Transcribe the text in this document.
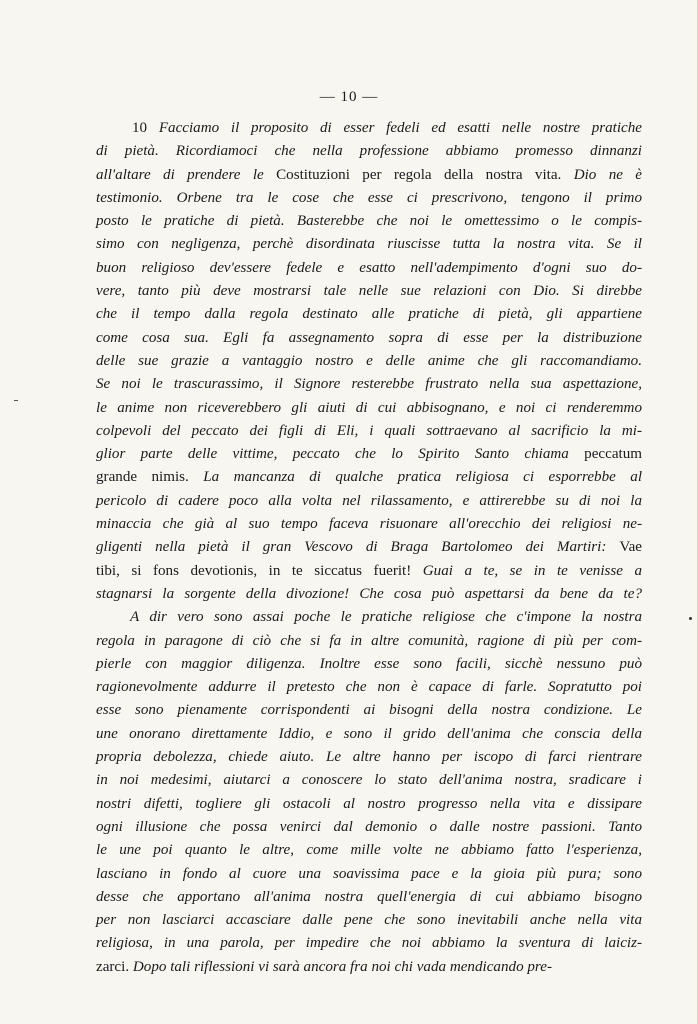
— 10 —
10 Facciamo il proposito di esser fedeli ed esatti nelle nostre pratiche
di pietà. Ricordiamoci che nella professione abbiamo promesso dinnanzi
all'altare di prendere le Costituzioni per regola della nostra vita. Dio ne è
testimonio. Orbene tra le cose che esse ci prescrivono, tengono il primo
posto le pratiche di pietà. Basterebbe che noi le omettessimo o le compis-
simo con negligenza, perchè disordinata riuscisse tutta la nostra vita. Se il
buon religioso dev'essere fedele e esatto nell'adempimento d'ogni suo do-
vere, tanto più deve mostrarsi tale nelle sue relazioni con Dio. Si direbbe
che il tempo dalla regola destinato alle pratiche di pietà, gli appartiene
come cosa sua. Egli fa assegnamento sopra di esse per la distribuzione
delle sue grazie a vantaggio nostro e delle anime che gli raccomandiamo.
Se noi le trascurassimo, il Signore resterebbe frustrato nella sua aspettazione,
le anime non riceverebbero gli aiuti di cui abbisognano, e noi ci renderemmo
colpevoli del peccato dei figli di Eli, i quali sottraevano al sacrificio la mi-
glior parte delle vittime, peccato che lo Spirito Santo chiama peccatum
grande nimis. La mancanza di qualche pratica religiosa ci esporrebbe al
pericolo di cadere poco alla volta nel rilassamento, e attirerebbe su di noi la
minaccia che già al suo tempo faceva risuonare all'orecchio dei religiosi ne-
gligenti nella pietà il gran Vescovo di Braga Bartolomeo dei Martiri: Vae
tibi, si fons devotionis, in te siccatus fuerit! Guai a te, se in te venisse a
stagnarsi la sorgente della divozione! Che cosa può aspettarsi da bene da te?
A dir vero sono assai poche le pratiche religiose che c'impone la nostra
regola in paragone di ciò che si fa in altre comunità, ragione di più per com-
pierle con maggior diligenza. Inoltre esse sono facili, sicchè nessuno può
ragionevolmente addurre il pretesto che non è capace di farle. Sopratutto poi
esse sono pienamente corrispondenti ai bisogni della nostra condizione. Le
une onorano direttamente Iddio, e sono il grido dell'anima che conscia della
propria debolezza, chiede aiuto. Le altre hanno per iscopo di farci rientrare
in noi medesimi, aiutarci a conoscere lo stato dell'anima nostra, sradicare i
nostri difetti, togliere gli ostacoli al nostro progresso nella vita e dissipare
ogni illusione che possa venirci dal demonio o dalle nostre passioni. Tanto
le une poi quanto le altre, come mille volte ne abbiamo fatto l'esperienza,
lasciano in fondo al cuore una soavissima pace e la gioia più pura; sono
desse che apportano all'anima nostra quell'energia di cui abbiamo bisogno
per non lasciarci accasciare dalle pene che sono inevitabili anche nella vita
religiosa, in una parola, per impedire che noi abbiamo la sventura di laiciz-
zarci. Dopo tali riflessioni vi sarà ancora fra noi chi vada mendicando pre-
